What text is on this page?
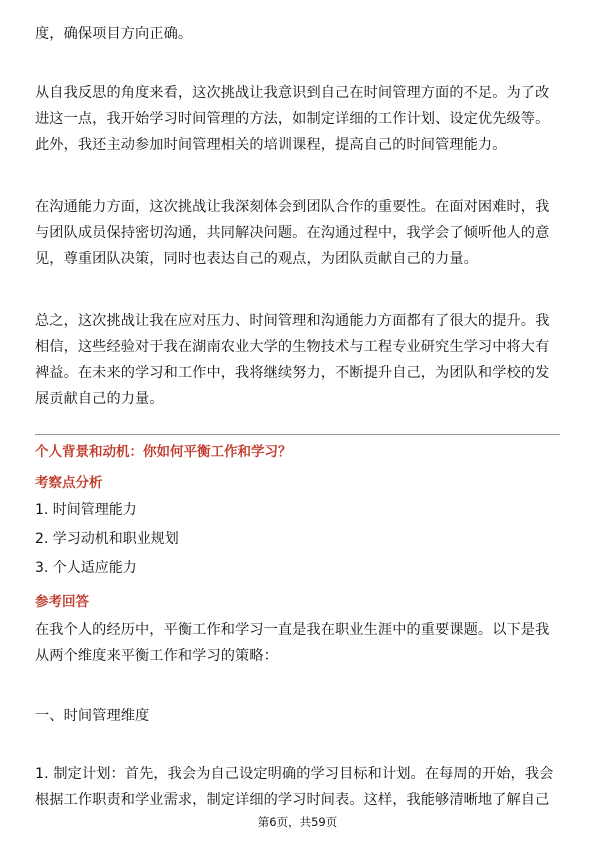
度，确保项目方向正确。
从自我反思的角度来看，这次挑战让我意识到自己在时间管理方面的不足。为了改
进这一点，我开始学习时间管理的方法，如制定详细的工作计划、设定优先级等。
此外，我还主动参加时间管理相关的培训课程，提高自己的时间管理能力。
在沟通能力方面，这次挑战让我深刻体会到团队合作的重要性。在面对困难时，我
与团队成员保持密切沟通，共同解决问题。在沟通过程中，我学会了倾听他人的意
见，尊重团队决策，同时也表达自己的观点，为团队贡献自己的力量。
总之，这次挑战让我在应对压力、时间管理和沟通能力方面都有了很大的提升。我
相信，这些经验对于我在湖南农业大学的生物技术与工程专业研究生学习中将大有
裨益。在未来的学习和工作中，我将继续努力，不断提升自己，为团队和学校的发
展贡献自己的力量。
个人背景和动机：你如何平衡工作和学习？
考察点分析
1. 时间管理能力
2. 学习动机和职业规划
3. 个人适应能力
参考回答
在我个人的经历中，平衡工作和学习一直是我在职业生涯中的重要课题。以下是我
从两个维度来平衡工作和学习的策略：
一、时间管理维度
1. 制定计划：首先，我会为自己设定明确的学习目标和计划。在每周的开始，我会
根据工作职责和学业需求，制定详细的学习时间表。这样，我能够清晰地了解自己
第6页，共59页
